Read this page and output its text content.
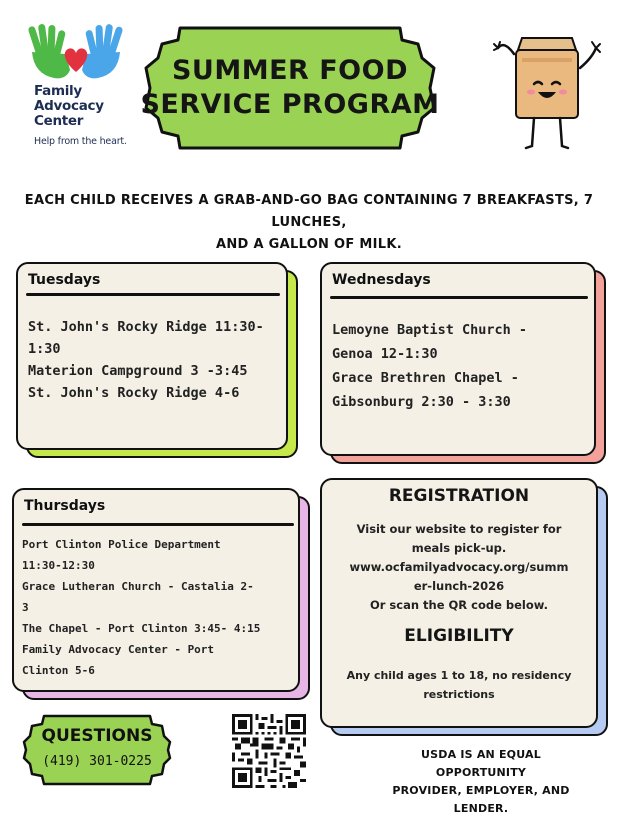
Family
Advocacy
Center
Help from the heart.
SUMMER FOOD
SERVICE PROGRAM
EACH CHILD RECEIVES A GRAB-AND-GO BAG CONTAINING 7 BREAKFASTS, 7 LUNCHES,
AND A GALLON OF MILK.
Tuesdays
St. John's Rocky Ridge 11:30-
1:30
Materion Campground 3 -3:45
St. John's Rocky Ridge 4-6
Wednesdays
Lemoyne Baptist Church -
Genoa 12-1:30
Grace Brethren Chapel -
Gibsonburg 2:30 - 3:30
Thursdays
Port Clinton Police Department
11:30-12:30
Grace Lutheran Church - Castalia 2-
3
The Chapel - Port Clinton 3:45- 4:15
Family Advocacy Center - Port
Clinton 5-6
REGISTRATION
Visit our website to register for
meals pick-up.
www.ocfamilyadvocacy.org/summ
er-lunch-2026
Or scan the QR code below.
ELIGIBILITY
Any child ages 1 to 18, no residency
restrictions
QUESTIONS
(419) 301-0225	USDA IS AN EQUAL OPPORTUNITY
PROVIDER, EMPLOYER, AND LENDER.
